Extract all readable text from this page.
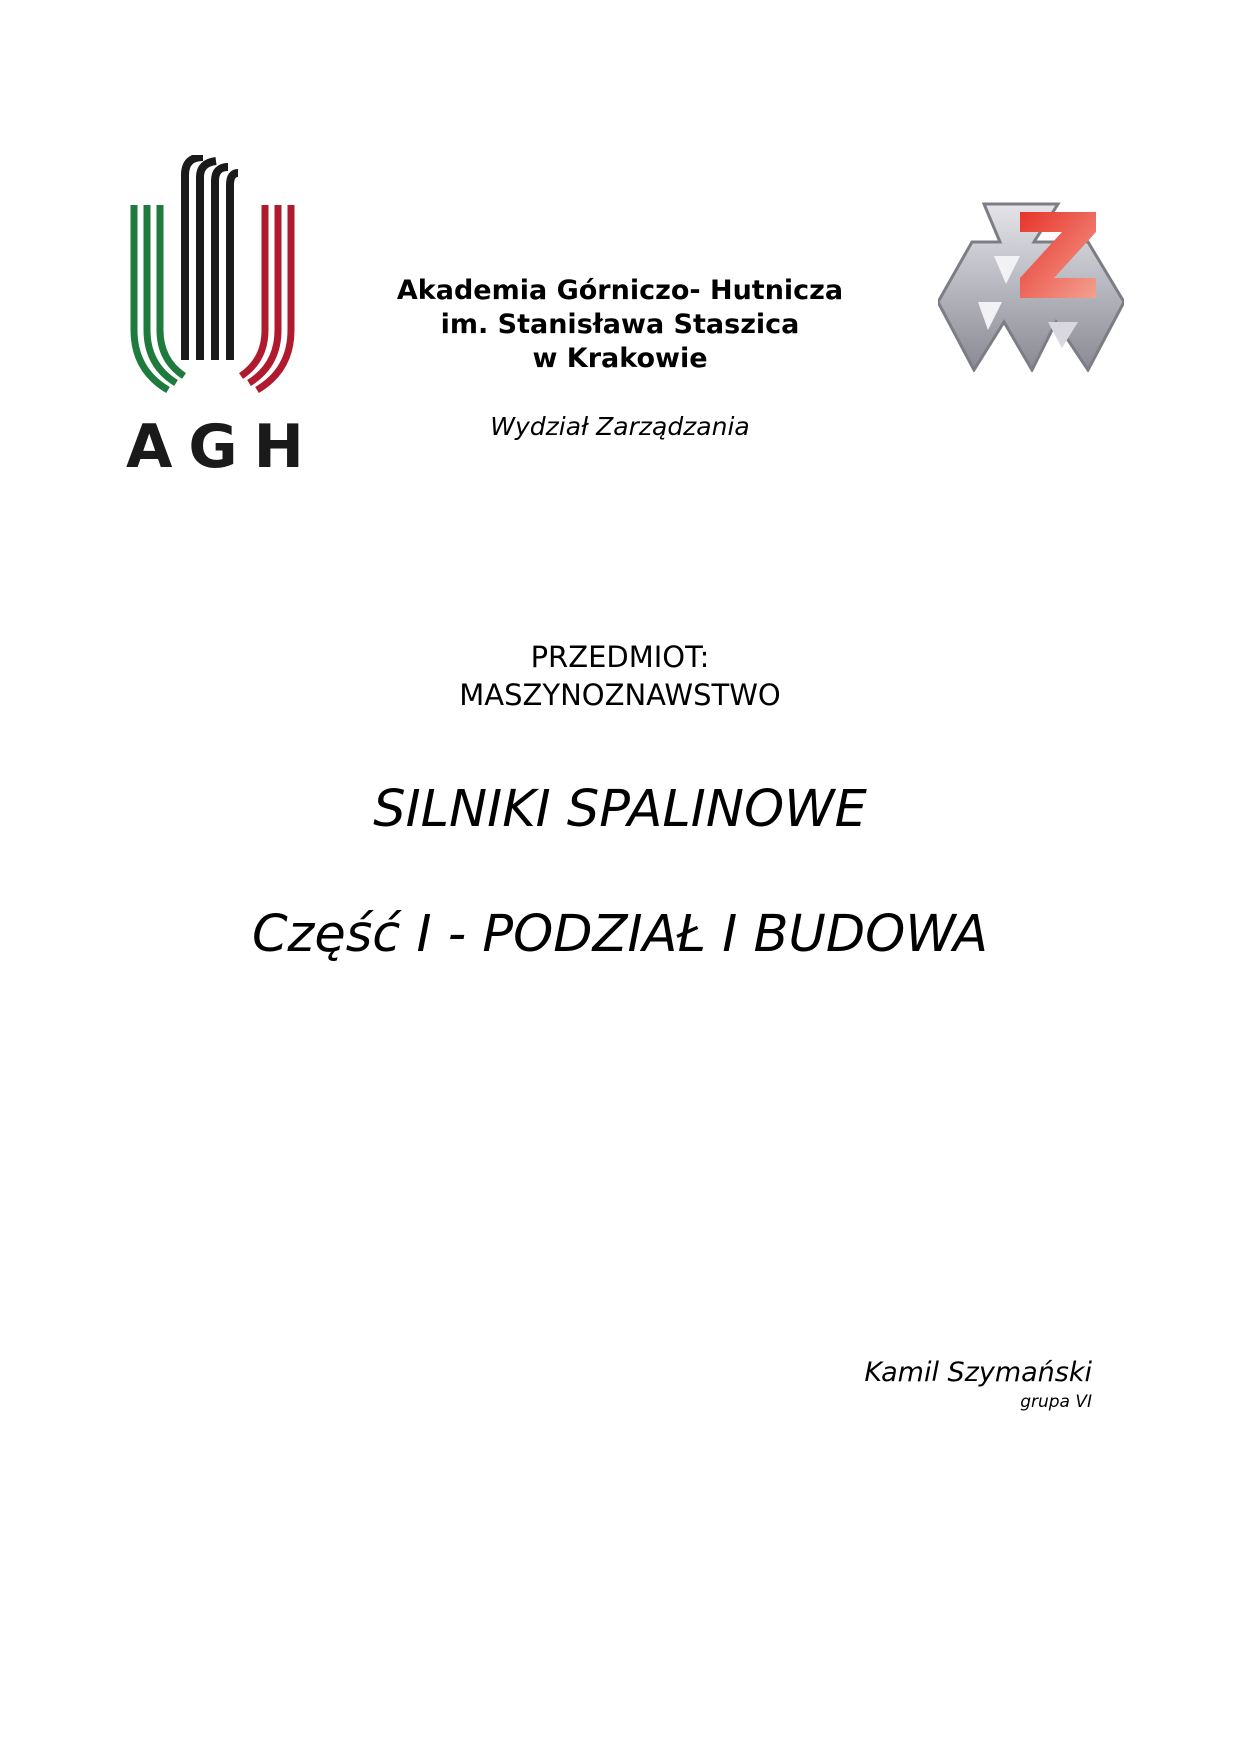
AGH
Akademia Górniczo- Hutnicza
im. Stanisława Staszica
w Krakowie
Wydział Zarządzania
PRZEDMIOT:
MASZYNOZNAWSTWO
SILNIKI SPALINOWE
Część I - PODZIAŁ I BUDOWA
Kamil Szymański
grupa VI
